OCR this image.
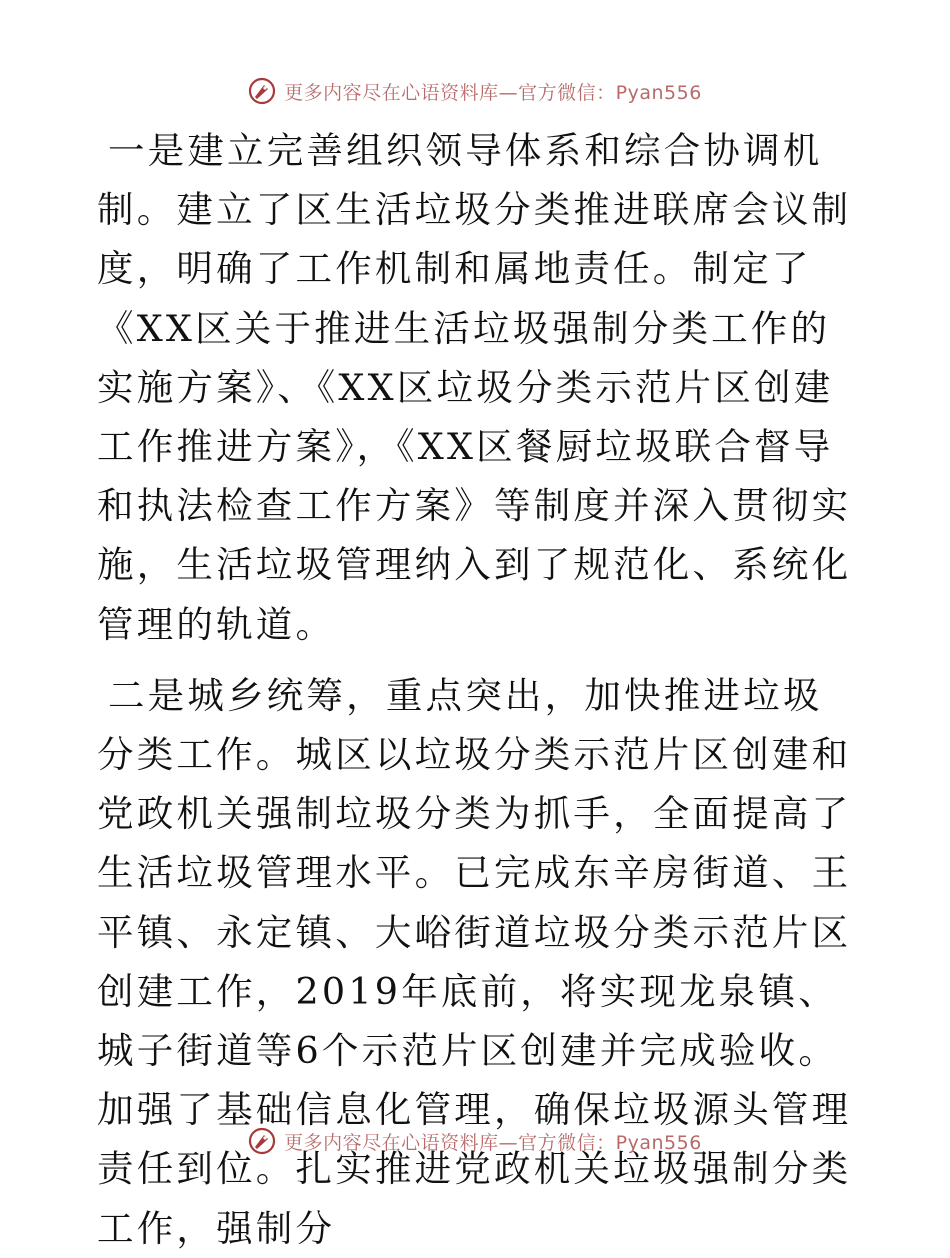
更多内容尽在心语资料库—官方微信：Pyan556

一是建立完善组织领导体系和综合协调机制。建立了区生活垃圾分类推进联席会议制度，明确了工作机制和属地责任。制定了《XX区关于推进生活垃圾强制分类工作的实施方案》、《XX区垃圾分类示范片区创建工作推进方案》，《XX区餐厨垃圾联合督导和执法检查工作方案》等制度并深入贯彻实施，生活垃圾管理纳入到了规范化、系统化管理的轨道。

二是城乡统筹，重点突出，加快推进垃圾分类工作。城区以垃圾分类示范片区创建和党政机关强制垃圾分类为抓手，全面提高了生活垃圾管理水平。已完成东辛房街道、王平镇、永定镇、大峪街道垃圾分类示范片区创建工作，2019年底前，将实现龙泉镇、城子街道等6个示范片区创建并完成验收。加强了基础信息化管理，确保垃圾源头管理责任到位。扎实推进党政机关垃圾强制分类工作，强制分

更多内容尽在心语资料库—官方微信：Pyan556
